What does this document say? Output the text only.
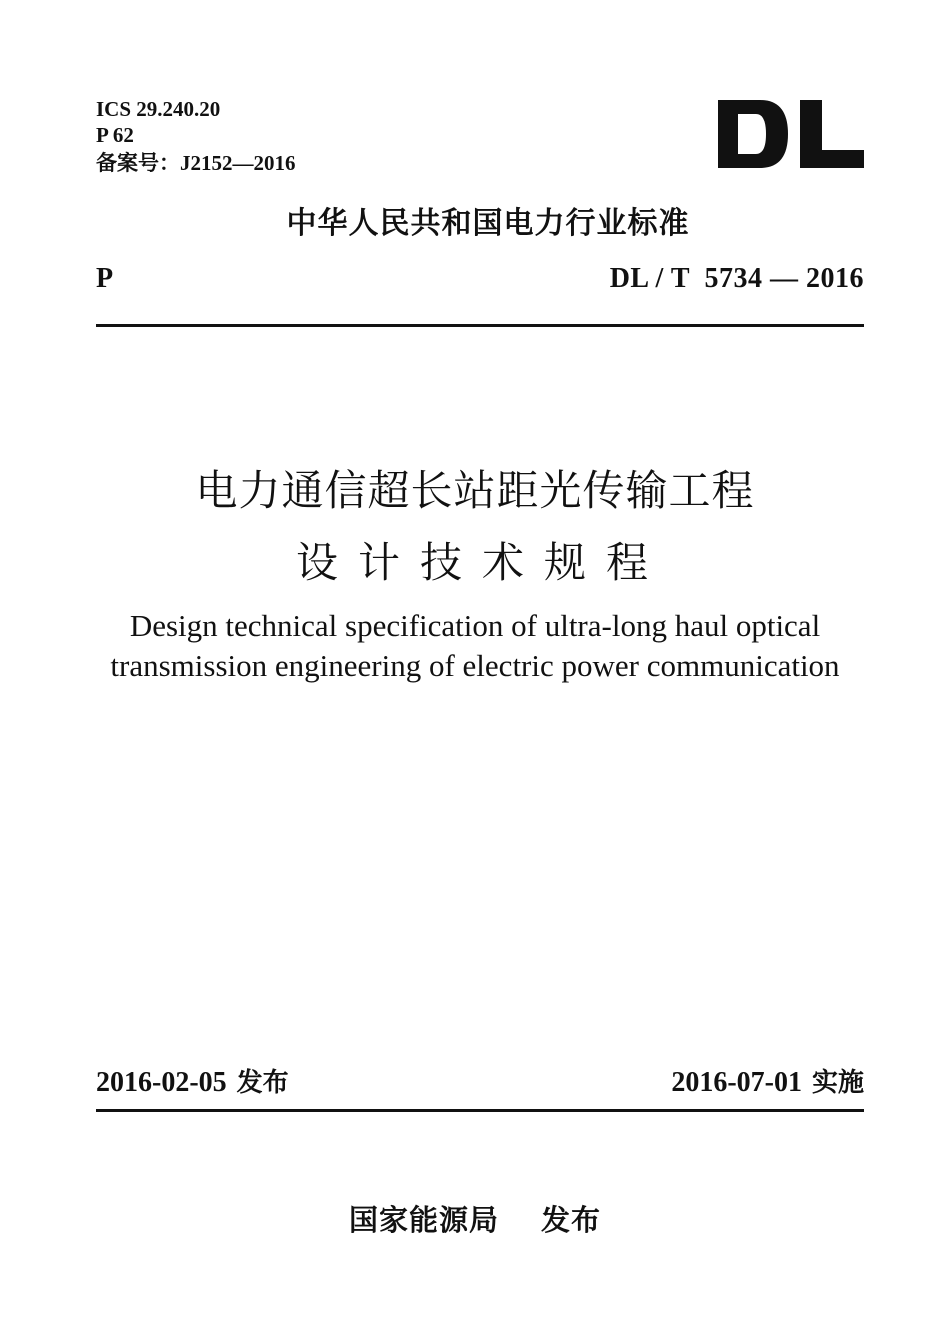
ICS 29.240.20
P 62
备案号：J2152—2016
中华人民共和国电力行业标准
P	DL / T  5734 — 2016
电力通信超长站距光传输工程
设计技术规程
Design technical specification of ultra-long haul optical
transmission engineering of electric power communication
2016-02-05 发布	2016-07-01 实施
国家能源局 发布
